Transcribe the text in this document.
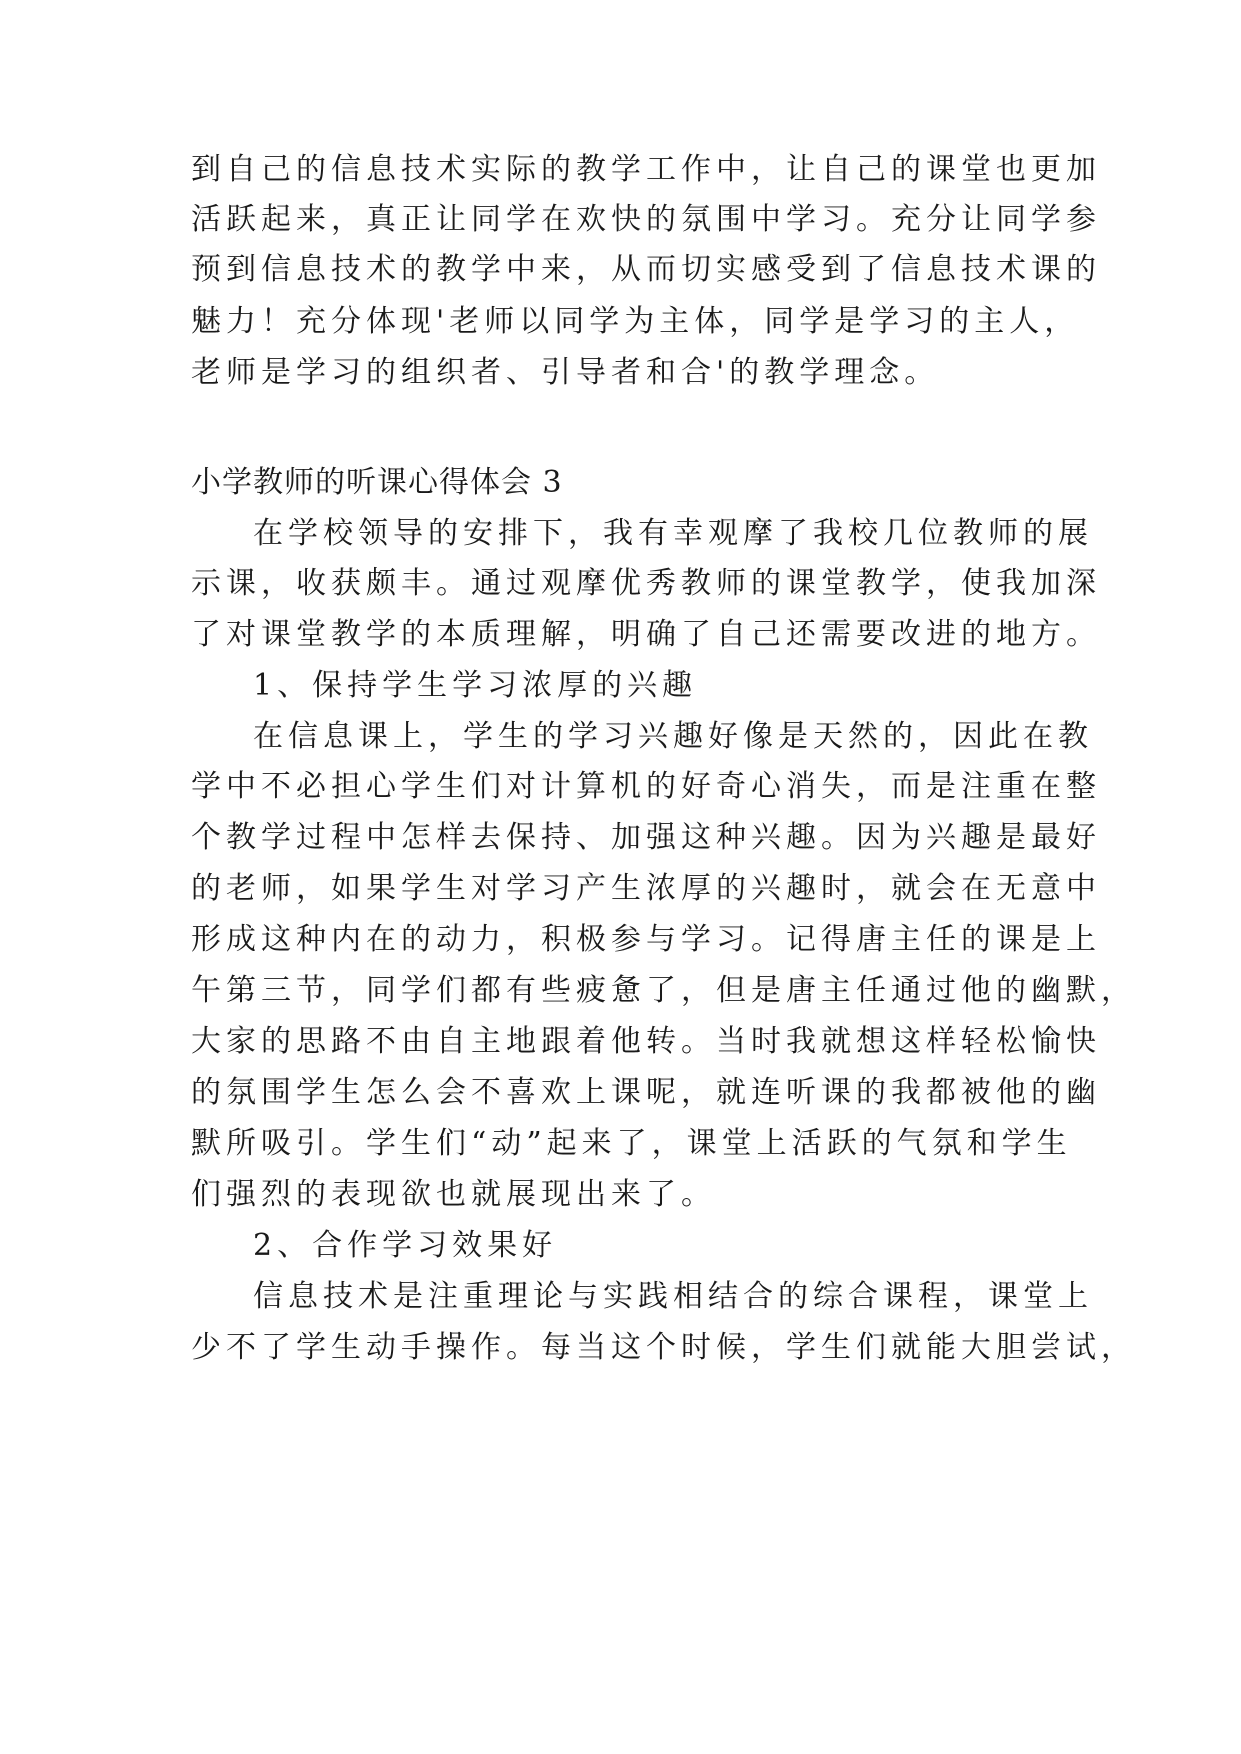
到自己的信息技术实际的教学工作中，让自己的课堂也更加
活跃起来，真正让同学在欢快的氛围中学习。充分让同学参
预到信息技术的教学中来，从而切实感受到了信息技术课的
魅力！充分体现'老师以同学为主体，同学是学习的主人，
老师是学习的组织者、引导者和合'的教学理念。
小学教师的听课心得体会 3
在学校领导的安排下，我有幸观摩了我校几位教师的展
示课，收获颇丰。通过观摩优秀教师的课堂教学，使我加深
了对课堂教学的本质理解，明确了自己还需要改进的地方。
1、保持学生学习浓厚的兴趣
在信息课上，学生的学习兴趣好像是天然的，因此在教
学中不必担心学生们对计算机的好奇心消失，而是注重在整
个教学过程中怎样去保持、加强这种兴趣。因为兴趣是最好
的老师，如果学生对学习产生浓厚的兴趣时，就会在无意中
形成这种内在的动力，积极参与学习。记得唐主任的课是上
午第三节，同学们都有些疲惫了，但是唐主任通过他的幽默，
大家的思路不由自主地跟着他转。当时我就想这样轻松愉快
的氛围学生怎么会不喜欢上课呢，就连听课的我都被他的幽
默所吸引。学生们“动”起来了，课堂上活跃的气氛和学生
们强烈的表现欲也就展现出来了。
2、合作学习效果好
信息技术是注重理论与实践相结合的综合课程，课堂上
少不了学生动手操作。每当这个时候，学生们就能大胆尝试，
